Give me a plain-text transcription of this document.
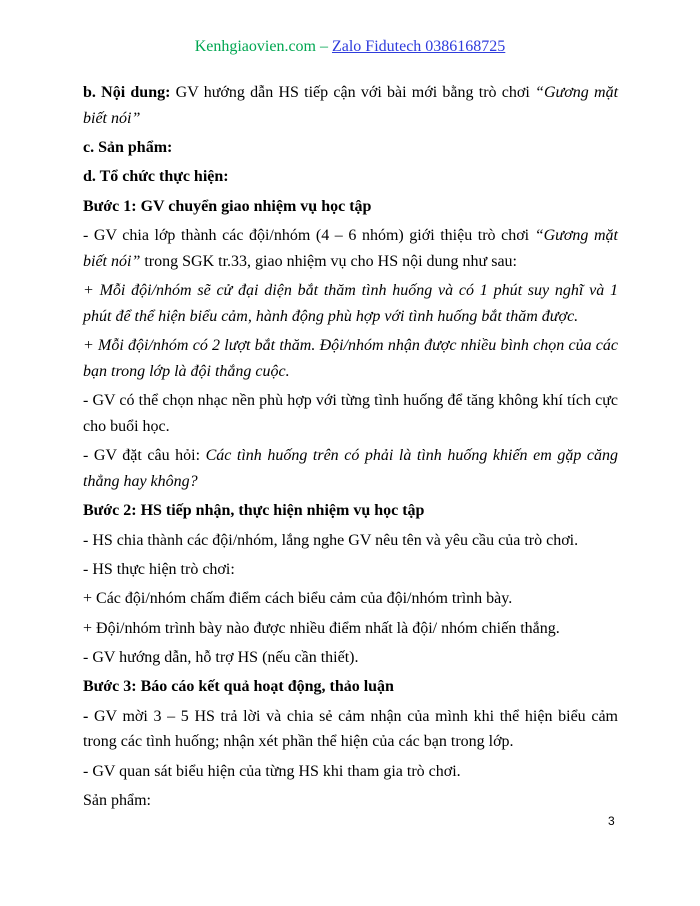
Kenhgiaovien.com – Zalo Fidutech 0386168725

b. Nội dung: GV hướng dẫn HS tiếp cận với bài mới bằng trò chơi “Gương mặt biết nói”

c. Sản phẩm:

d. Tổ chức thực hiện:

Bước 1: GV chuyển giao nhiệm vụ học tập

- GV chia lớp thành các đội/nhóm (4 – 6 nhóm) giới thiệu trò chơi “Gương mặt biết nói” trong SGK tr.33, giao nhiệm vụ cho HS nội dung như sau:

+ Mỗi đội/nhóm sẽ cử đại diện bắt thăm tình huống và có 1 phút suy nghĩ và 1 phút để thể hiện biểu cảm, hành động phù hợp với tình huống bắt thăm được.

+ Mỗi đội/nhóm có 2 lượt bắt thăm. Đội/nhóm nhận được nhiều bình chọn của các bạn trong lớp là đội thắng cuộc.

- GV có thể chọn nhạc nền phù hợp với từng tình huống để tăng không khí tích cực cho buổi học.

- GV đặt câu hỏi: Các tình huống trên có phải là tình huống khiến em gặp căng thẳng hay không?

Bước 2: HS tiếp nhận, thực hiện nhiệm vụ học tập

- HS chia thành các đội/nhóm, lắng nghe GV nêu tên và yêu cầu của trò chơi.

- HS thực hiện trò chơi:

+ Các đội/nhóm chấm điểm cách biểu cảm của đội/nhóm trình bày.

+ Đội/nhóm trình bày nào được nhiều điểm nhất là đội/ nhóm chiến thắng.

- GV hướng dẫn, hỗ trợ HS (nếu cần thiết).

Bước 3: Báo cáo kết quả hoạt động, thảo luận

- GV mời 3 – 5 HS trả lời và chia sẻ cảm nhận của mình khi thể hiện biểu cảm trong các tình huống; nhận xét phần thể hiện của các bạn trong lớp.

- GV quan sát biểu hiện của từng HS khi tham gia trò chơi.

Sản phẩm:

3
